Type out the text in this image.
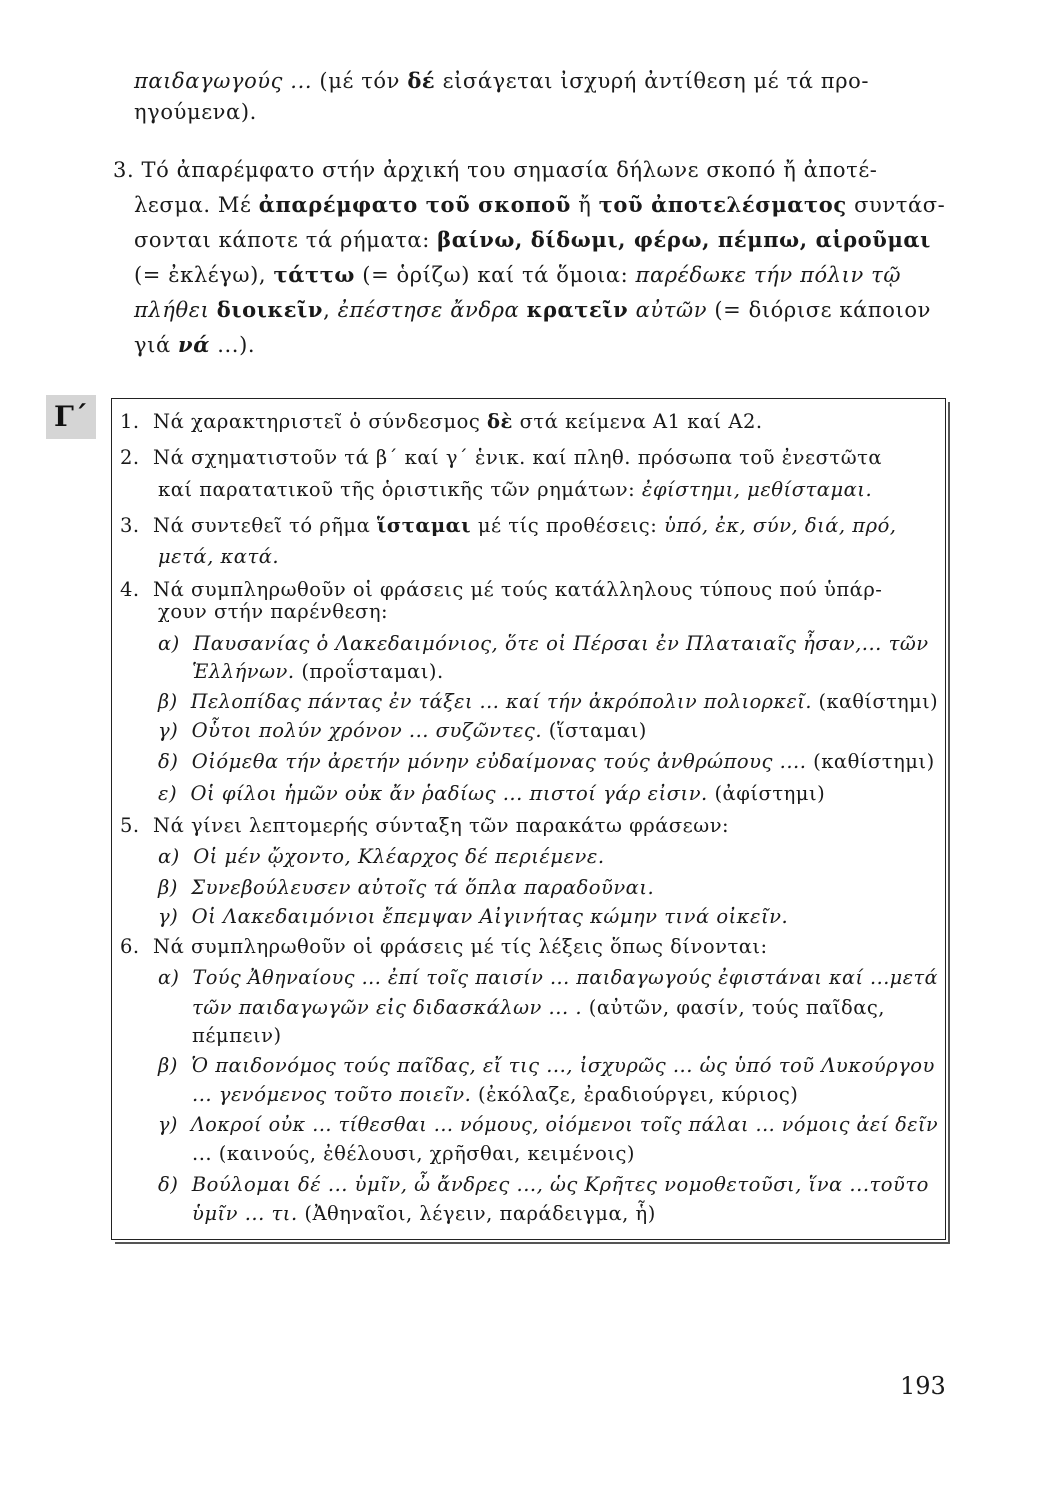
παιδαγωγούς ... (μέ τόν δέ εἰσάγεται ἰσχυρή ἀντίθεση μέ τά προ-
ηγούμενα).
3. Τό ἀπαρέμφατο στήν ἀρχική του σημασία δήλωνε σκοπό ἤ ἀποτέ-
λεσμα. Μέ ἀπαρέμφατο τοῦ σκοποῦ ἤ τοῦ ἀποτελέσματος συντάσ-
σονται κάποτε τά ρήματα: βαίνω, δίδωμι, φέρω, πέμπω, αἱροῦμαι
(= ἐκλέγω), τάττω (= ὁρίζω) καί τά ὅμοια: παρέδωκε τήν πόλιν τῷ
πλήθει διοικεῖν, ἐπέστησε ἄνδρα κρατεῖν αὐτῶν (= διόρισε κάποιον
γιά νά ...).
Γ΄	1. Νά χαρακτηριστεῖ ὁ σύνδεσμος δὲ στά κείμενα Α1 καί Α2.
2. Νά σχηματιστοῦν τά β΄ καί γ΄ ἑνικ. καί πληθ. πρόσωπα τοῦ ἐνεστῶτα
καί παρατατικοῦ τῆς ὁριστικῆς τῶν ρημάτων: ἐφίστημι, μεθίσταμαι.
3. Νά συντεθεῖ τό ρῆμα ἵσταμαι μέ τίς προθέσεις: ὑπό, ἐκ, σύν, διά, πρό,
μετά, κατά.
4. Νά συμπληρωθοῦν οἱ φράσεις μέ τούς κατάλληλους τύπους πού ὑπάρ-
χουν στήν παρένθεση:
α) Παυσανίας ὁ Λακεδαιμόνιος, ὅτε οἱ Πέρσαι ἐν Πλαταιαῖς ἦσαν,... τῶν
Ἑλλήνων. (προΐσταμαι).
β) Πελοπίδας πάντας ἐν τάξει ... καί τήν ἀκρόπολιν πολιορκεῖ. (καθίστημι)
γ) Οὗτοι πολύν χρόνον ... συζῶντες. (ἵσταμαι)
δ) Οἰόμεθα τήν ἀρετήν μόνην εὐδαίμονας τούς ἀνθρώπους .... (καθίστημι)
ε) Οἱ φίλοι ἡμῶν οὐκ ἄν ῥαδίως ... πιστοί γάρ εἰσιν. (ἀφίστημι)
5. Νά γίνει λεπτομερής σύνταξη τῶν παρακάτω φράσεων:
α) Οἱ μέν ᾤχοντο, Κλέαρχος δέ περιέμενε.
β) Συνεβούλευσεν αὐτοῖς τά ὅπλα παραδοῦναι.
γ) Οἱ Λακεδαιμόνιοι ἔπεμψαν Αἰγινήτας κώμην τινά οἰκεῖν.
6. Νά συμπληρωθοῦν οἱ φράσεις μέ τίς λέξεις ὅπως δίνονται:
α) Τούς Ἀθηναίους ... ἐπί τοῖς παισίν ... παιδαγωγούς ἐφιστάναι καί ...μετά
τῶν παιδαγωγῶν εἰς διδασκάλων ... . (αὐτῶν, φασίν, τούς παῖδας,
πέμπειν)
β) Ὁ παιδονόμος τούς παῖδας, εἴ τις ..., ἰσχυρῶς ... ὡς ὑπό τοῦ Λυκούργου
... γενόμενος τοῦτο ποιεῖν. (ἐκόλαζε, ἐραδιούργει, κύριος)
γ) Λοκροί οὐκ ... τίθεσθαι ... νόμους, οἰόμενοι τοῖς πάλαι ... νόμοις ἀεί δεῖν
... (καινούς, ἐθέλουσι, χρῆσθαι, κειμένοις)
δ) Βούλομαι δέ ... ὑμῖν, ὦ ἄνδρες ..., ὡς Κρῆτες νομοθετοῦσι, ἵνα ...τοῦτο
ὑμῖν ... τι. (Ἀθηναῖοι, λέγειν, παράδειγμα, ἧ)
193
